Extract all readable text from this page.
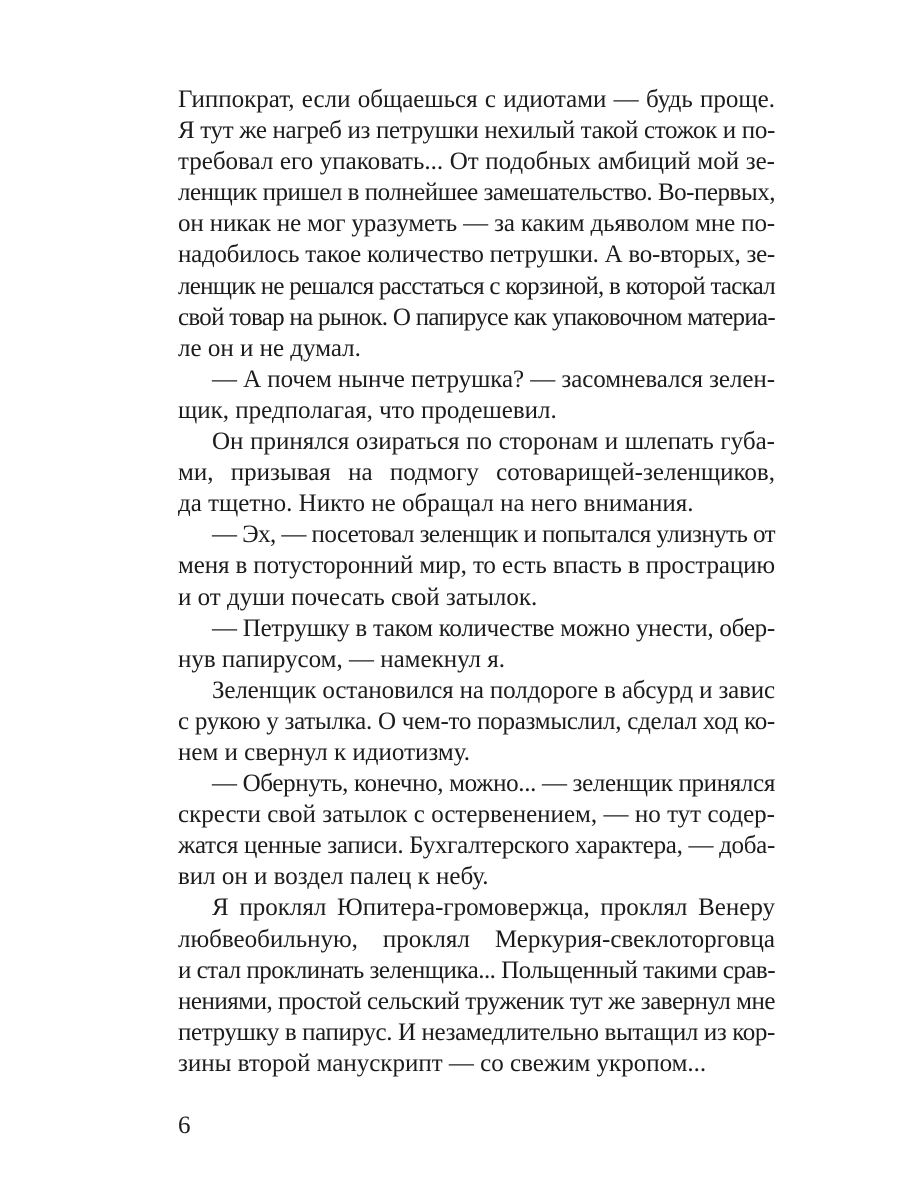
Гиппократ, если общаешься с идиотами — будь проще.
Я тут же нагреб из петрушки нехилый такой стожок и по-
требовал его упаковать... От подобных амбиций мой зе-
ленщик пришел в полнейшее замешательство. Во-первых,
он никак не мог уразуметь — за каким дьяволом мне по-
надобилось такое количество петрушки. А во-вторых, зе-
ленщик не решался расстаться с корзиной, в которой таскал
свой товар на рынок. О папирусе как упаковочном материа-
ле он и не думал.
— А почем нынче петрушка? — засомневался зелен-
щик, предполагая, что продешевил.
Он принялся озираться по сторонам и шлепать губа-
ми, призывая на подмогу сотоварищей-зеленщиков,
да тщетно. Никто не обращал на него внимания.
— Эх, — посетовал зеленщик и попытался улизнуть от
меня в потусторонний мир, то есть впасть в прострацию
и от души почесать свой затылок.
— Петрушку в таком количестве можно унести, обер-
нув папирусом, — намекнул я.
Зеленщик остановился на полдороге в абсурд и завис
с рукою у затылка. О чем-то поразмыслил, сделал ход ко-
нем и свернул к идиотизму.
— Обернуть, конечно, можно... — зеленщик принялся
скрести свой затылок с остервенением, — но тут содер-
жатся ценные записи. Бухгалтерского характера, — доба-
вил он и воздел палец к небу.
Я проклял Юпитера-громовержца, проклял Венеру
любвеобильную, проклял Меркурия-свеклоторговца
и стал проклинать зеленщика... Польщенный такими срав-
нениями, простой сельский труженик тут же завернул мне
петрушку в папирус. И незамедлительно вытащил из кор-
зины второй манускрипт — со свежим укропом...
6
